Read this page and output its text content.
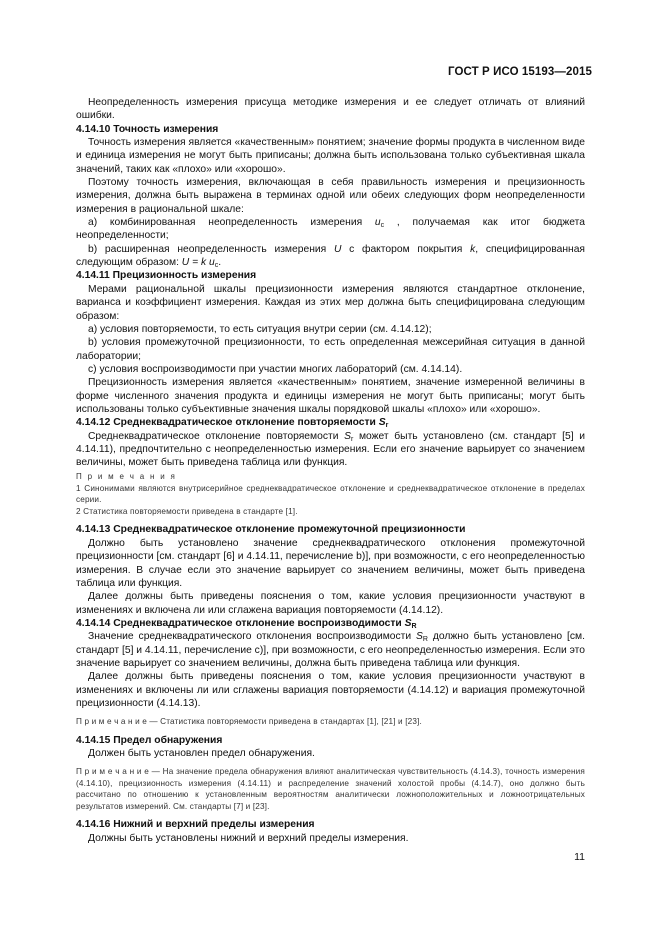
ГОСТ Р ИСО 15193—2015

Неопределенность измерения присуща методике измерения и ее следует отличать от влияний ошибки.

4.14.10 Точность измерения

Точность измерения является «качественным» понятием; значение формы продукта в численном виде и единица измерения не могут быть приписаны; должна быть использована только субъективная шкала значений, таких как «плохо» или «хорошо».

Поэтому точность измерения, включающая в себя правильность измерения и прецизионность измерения, должна быть выражена в терминах одной или обеих следующих форм неопределенности измерения в рациональной шкале:

a) комбинированная неопределенность измерения $u_c$ , получаемая как итог бюджета неопределенности;

b) расширенная неопределенность измерения U с фактором покрытия k, специфицированная следующим образом: U = k $u_c$.

4.14.11 Прецизионность измерения

Мерами рациональной шкалы прецизионности измерения являются стандартное отклонение, варианса и коэффициент измерения. Каждая из этих мер должна быть специфицирована следующим образом:

a) условия повторяемости, то есть ситуация внутри серии (см. 4.14.12);

b) условия промежуточной прецизионности, то есть определенная межсерийная ситуация в данной лаборатории;

c) условия воспроизводимости при участии многих лабораторий (см. 4.14.14).

Прецизионность измерения является «качественным» понятием, значение измеренной величины в форме численного значения продукта и единицы измерения не могут быть приписаны; могут быть использованы только субъективные значения шкалы порядковой шкалы «плохо» или «хорошо».

4.14.12 Среднеквадратическое отклонение повторяемости $S_r$

Среднеквадратическое отклонение повторяемости $S_r$ может быть установлено (см. стандарт [5] и 4.14.11), предпочтительно с неопределенностью измерения. Если его значение варьирует со значением величины, может быть приведена таблица или функция.

П р и м е ч а н и я

1 Синонимами являются внутрисерийное среднеквадратическое отклонение и среднеквадратическое отклонение в пределах серии.

2 Статистика повторяемости приведена в стандарте [1].

4.14.13 Среднеквадратическое отклонение промежуточной прецизионности

Должно быть установлено значение среднеквадратического отклонения промежуточной прецизионности [см. стандарт [6] и 4.14.11, перечисление b)], при возможности, с его неопределенностью измерения. В случае если это значение варьирует со значением величины, может быть приведена таблица или функция.

Далее должны быть приведены пояснения о том, какие условия прецизионности участвуют в изменениях и включена ли или сглажена вариация повторяемости (4.14.12).

4.14.14 Среднеквадратическое отклонение воспроизводимости $S_R$

Значение среднеквадратического отклонения воспроизводимости $S_R$ должно быть установлено [см. стандарт [5] и 4.14.11, перечисление c)], при возможности, с его неопределенностью измерения. Если это значение варьирует со значением величины, должна быть приведена таблица или функция.

Далее должны быть приведены пояснения о том, какие условия прецизионности участвуют в изменениях и включены ли или сглажены вариация повторяемости (4.14.12) и вариация промежуточной прецизионности (4.14.13).

П р и м е ч а н и е — Статистика повторяемости приведена в стандартах [1], [21] и [23].

4.14.15 Предел обнаружения

Должен быть установлен предел обнаружения.

П р и м е ч а н и е — На значение предела обнаружения влияют аналитическая чувствительность (4.14.3), точность измерения (4.14.10), прецизионность измерения (4.14.11) и распределение значений холостой пробы (4.14.7), оно должно быть рассчитано по отношению к установленным вероятностям аналитически ложноположительных и ложноотрицательных результатов измерений. См. стандарты [7] и [23].

4.14.16 Нижний и верхний пределы измерения

Должны быть установлены нижний и верхний пределы измерения.

11
